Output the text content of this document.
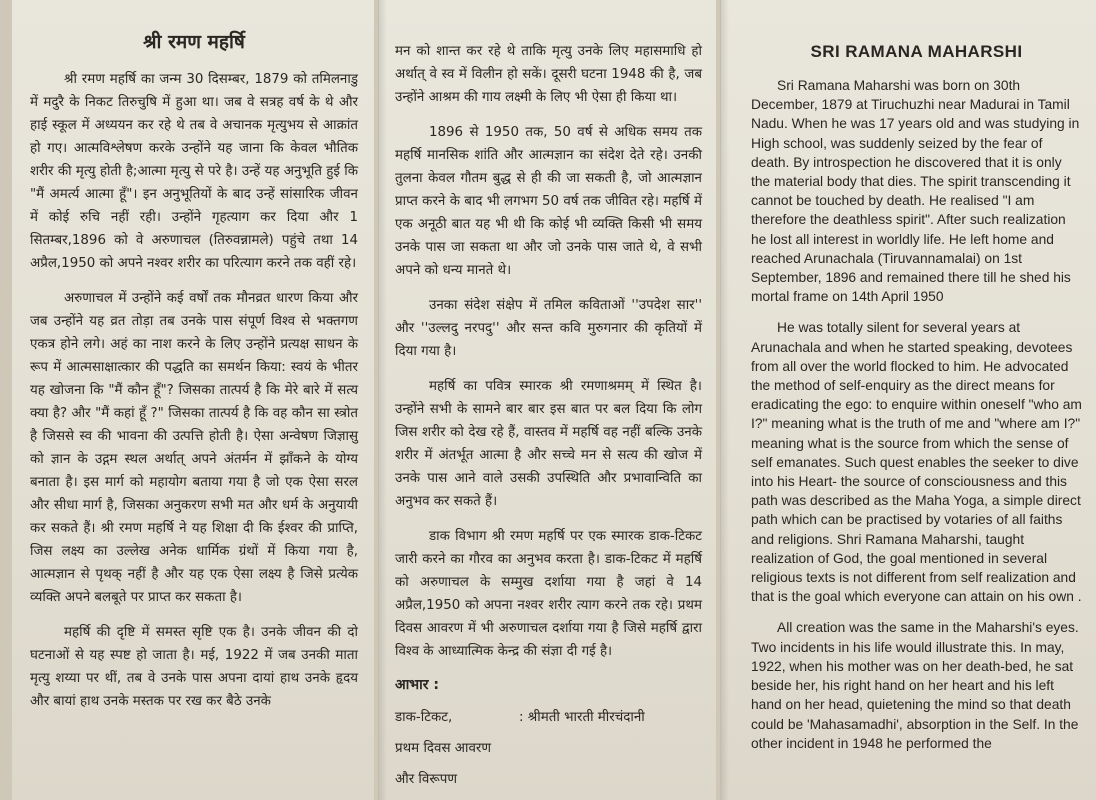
श्री रमण महर्षि

श्री रमण महर्षि का जन्म 30 दिसम्बर, 1879 को तमिलनाडु में मदुरै के निकट तिरुचुषि में हुआ था। जब वे सत्रह वर्ष के थे और हाई स्कूल में अध्ययन कर रहे थे तब वे अचानक मृत्युभय से आक्रांत हो गए। आत्मविश्लेषण करके उन्होंने यह जाना कि केवल भौतिक शरीर की मृत्यु होती है;आत्मा मृत्यु से परे है। उन्हें यह अनुभूति हुई कि "मैं अमर्त्य आत्मा हूँ"। इन अनुभूतियों के बाद उन्हें सांसारिक जीवन में कोई रुचि नहीं रही। उन्होंने गृहत्याग कर दिया और 1 सितम्बर,1896 को वे अरुणाचल (तिरुवन्नामले) पहुंचे तथा 14 अप्रैल,1950 को अपने नश्वर शरीर का परित्याग करने तक वहीं रहे।

अरुणाचल में उन्होंने कई वर्षों तक मौनव्रत धारण किया और जब उन्होंने यह व्रत तोड़ा तब उनके पास संपूर्ण विश्व से भक्तगण एकत्र होने लगे। अहं का नाश करने के लिए उन्होंने प्रत्यक्ष साधन के रूप में आत्मसाक्षात्कार की पद्धति का समर्थन किया: स्वयं के भीतर यह खोजना कि "मैं कौन हूँ"? जिसका तात्पर्य है कि मेरे बारे में सत्य क्या है? और "मैं कहां हूँ ?" जिसका तात्पर्य है कि वह कौन सा स्त्रोत है जिससे स्व की भावना की उत्पत्ति होती है। ऐसा अन्वेषण जिज्ञासु को ज्ञान के उद्गम स्थल अर्थात् अपने अंतर्मन में झाँकने के योग्य बनाता है। इस मार्ग को महायोग बताया गया है जो एक ऐसा सरल और सीधा मार्ग है, जिसका अनुकरण सभी मत और धर्म के अनुयायी कर सकते हैं। श्री रमण महर्षि ने यह शिक्षा दी कि ईश्वर की प्राप्ति, जिस लक्ष्य का उल्लेख अनेक धार्मिक ग्रंथों में किया गया है, आत्मज्ञान से पृथक् नहीं है और यह एक ऐसा लक्ष्य है जिसे प्रत्येक व्यक्ति अपने बलबूते पर प्राप्त कर सकता है।

महर्षि की दृष्टि में समस्त सृष्टि एक है। उनके जीवन की दो घटनाओं से यह स्पष्ट हो जाता है। मई, 1922 में जब उनकी माता मृत्यु शय्या पर थीं, तब वे उनके पास अपना दायां हाथ उनके हृदय और बायां हाथ उनके मस्तक पर रख कर बैठे उनके

मन को शान्त कर रहे थे ताकि मृत्यु उनके लिए महासमाधि हो अर्थात् वे स्व में विलीन हो सकें। दूसरी घटना 1948 की है, जब उन्होंने आश्रम की गाय लक्ष्मी के लिए भी ऐसा ही किया था।

1896 से 1950 तक, 50 वर्ष से अधिक समय तक महर्षि मानसिक शांति और आत्मज्ञान का संदेश देते रहे। उनकी तुलना केवल गौतम बुद्ध से ही की जा सकती है, जो आत्मज्ञान प्राप्त करने के बाद भी लगभग 50 वर्ष तक जीवित रहे। महर्षि में एक अनूठी बात यह भी थी कि कोई भी व्यक्ति किसी भी समय उनके पास जा सकता था और जो उनके पास जाते थे, वे सभी अपने को धन्य मानते थे।

उनका संदेश संक्षेप में तमिल कविताओं ''उपदेश सार'' और ''उल्लदु नरपदु'' और सन्त कवि मुरुगनार की कृतियों में दिया गया है।

महर्षि का पवित्र स्मारक श्री रमणाश्रमम् में स्थित है। उन्होंने सभी के सामने बार बार इस बात पर बल दिया कि लोग जिस शरीर को देख रहे हैं, वास्तव में महर्षि वह नहीं बल्कि उनके शरीर में अंतर्भूत आत्मा है और सच्चे मन से सत्य की खोज में उनके पास आने वाले उसकी उपस्थिति और प्रभावान्विति का अनुभव कर सकते हैं।

डाक विभाग श्री रमण महर्षि पर एक स्मारक डाक-टिकट जारी करने का गौरव का अनुभव करता है। डाक-टिकट में महर्षि को अरुणाचल के सम्मुख दर्शाया गया है जहां वे 14 अप्रैल,1950 को अपना नश्वर शरीर त्याग करने तक रहे। प्रथम दिवस आवरण में भी अरुणाचल दर्शाया गया है जिसे महर्षि द्वारा विश्व के आध्यात्मिक केन्द्र की संज्ञा दी गई है।

आभार :
डाक-टिकट,	: श्रीमती भारती मीरचंदानी
प्रथम दिवस आवरण
और विरूपण
SRI RAMANA MAHARSHI

Sri Ramana Maharshi was born on 30th December, 1879 at Tiruchuzhi near Madurai in Tamil Nadu. When he was 17 years old and was studying in High school, was suddenly seized by the fear of death. By introspection he discovered that it is only the material body that dies. The spirit transcending it cannot be touched by death. He realised "I am therefore the deathless spirit". After such realization he lost all interest in worldly life. He left home and reached Arunachala (Tiruvannamalai) on 1st September, 1896 and remained there till he shed his mortal frame on 14th April 1950

He was totally silent for several years at Arunachala and when he started speaking, devotees from all over the world flocked to him. He advocated the method of self-enquiry as the direct means for eradicating the ego: to enquire within oneself "who am I?" meaning what is the truth of me and "where am I?" meaning what is the source from which the sense of self emanates. Such quest enables the seeker to dive into his Heart- the source of consciousness and this path was described as the Maha Yoga, a simple direct path which can be practised by votaries of all faiths and religions. Shri Ramana Maharshi, taught realization of God, the goal mentioned in several religious texts is not different from self realization and that is the goal which everyone can attain on his own .

All creation was the same in the Maharshi's eyes. Two incidents in his life would illustrate this. In may, 1922, when his mother was on her death-bed, he sat beside her, his right hand on her heart and his left hand on her head, quietening the mind so that death could be 'Mahasamadhi', absorption in the Self. In the other incident in 1948 he performed the
